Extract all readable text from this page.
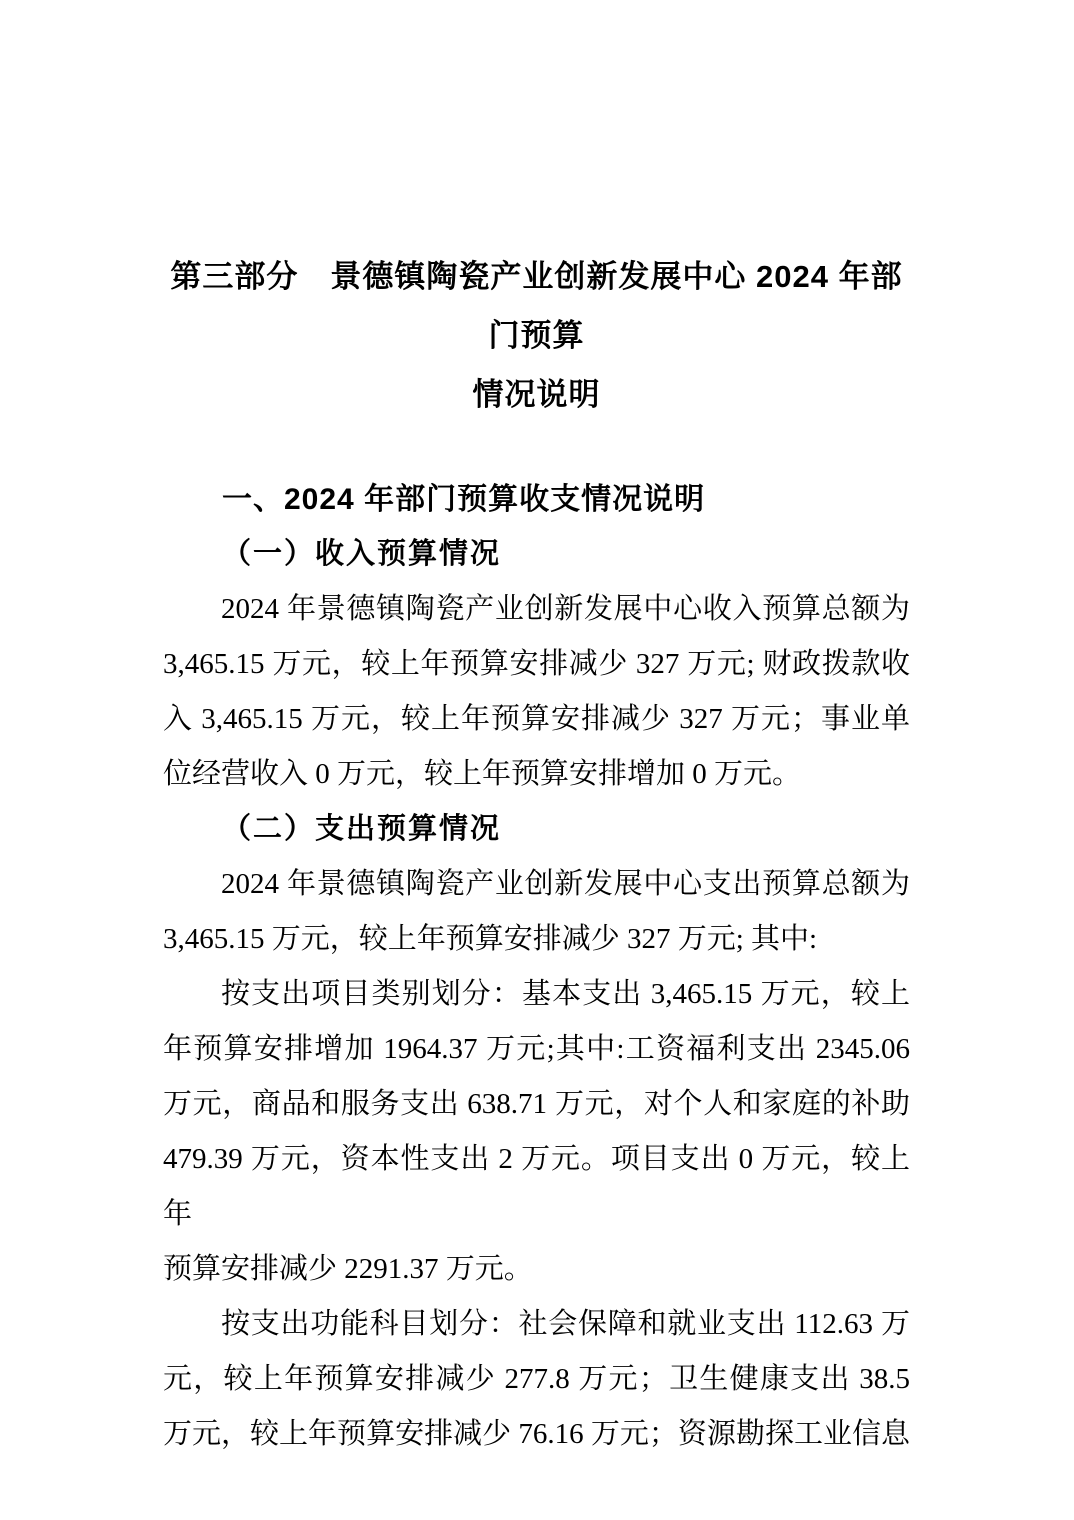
第三部分　景德镇陶瓷产业创新发展中心 2024 年部门预算
情况说明
一、2024 年部门预算收支情况说明
（一）收入预算情况
2024 年景德镇陶瓷产业创新发展中心收入预算总额为
3,465.15 万元，较上年预算安排减少 327 万元; 财政拨款收
入 3,465.15 万元，较上年预算安排减少 327 万元；事业单
位经营收入 0 万元，较上年预算安排增加 0 万元。
（二）支出预算情况
2024 年景德镇陶瓷产业创新发展中心支出预算总额为
3,465.15 万元，较上年预算安排减少 327 万元; 其中:
按支出项目类别划分：基本支出 3,465.15 万元，较上
年预算安排增加 1964.37 万元;其中:工资福利支出 2345.06
万元，商品和服务支出 638.71 万元，对个人和家庭的补助
479.39 万元，资本性支出 2 万元。项目支出 0 万元，较上年
预算安排减少 2291.37 万元。
按支出功能科目划分：社会保障和就业支出 112.63 万
元，较上年预算安排减少 277.8 万元；卫生健康支出 38.5
万元，较上年预算安排减少 76.16 万元；资源勘探工业信息
